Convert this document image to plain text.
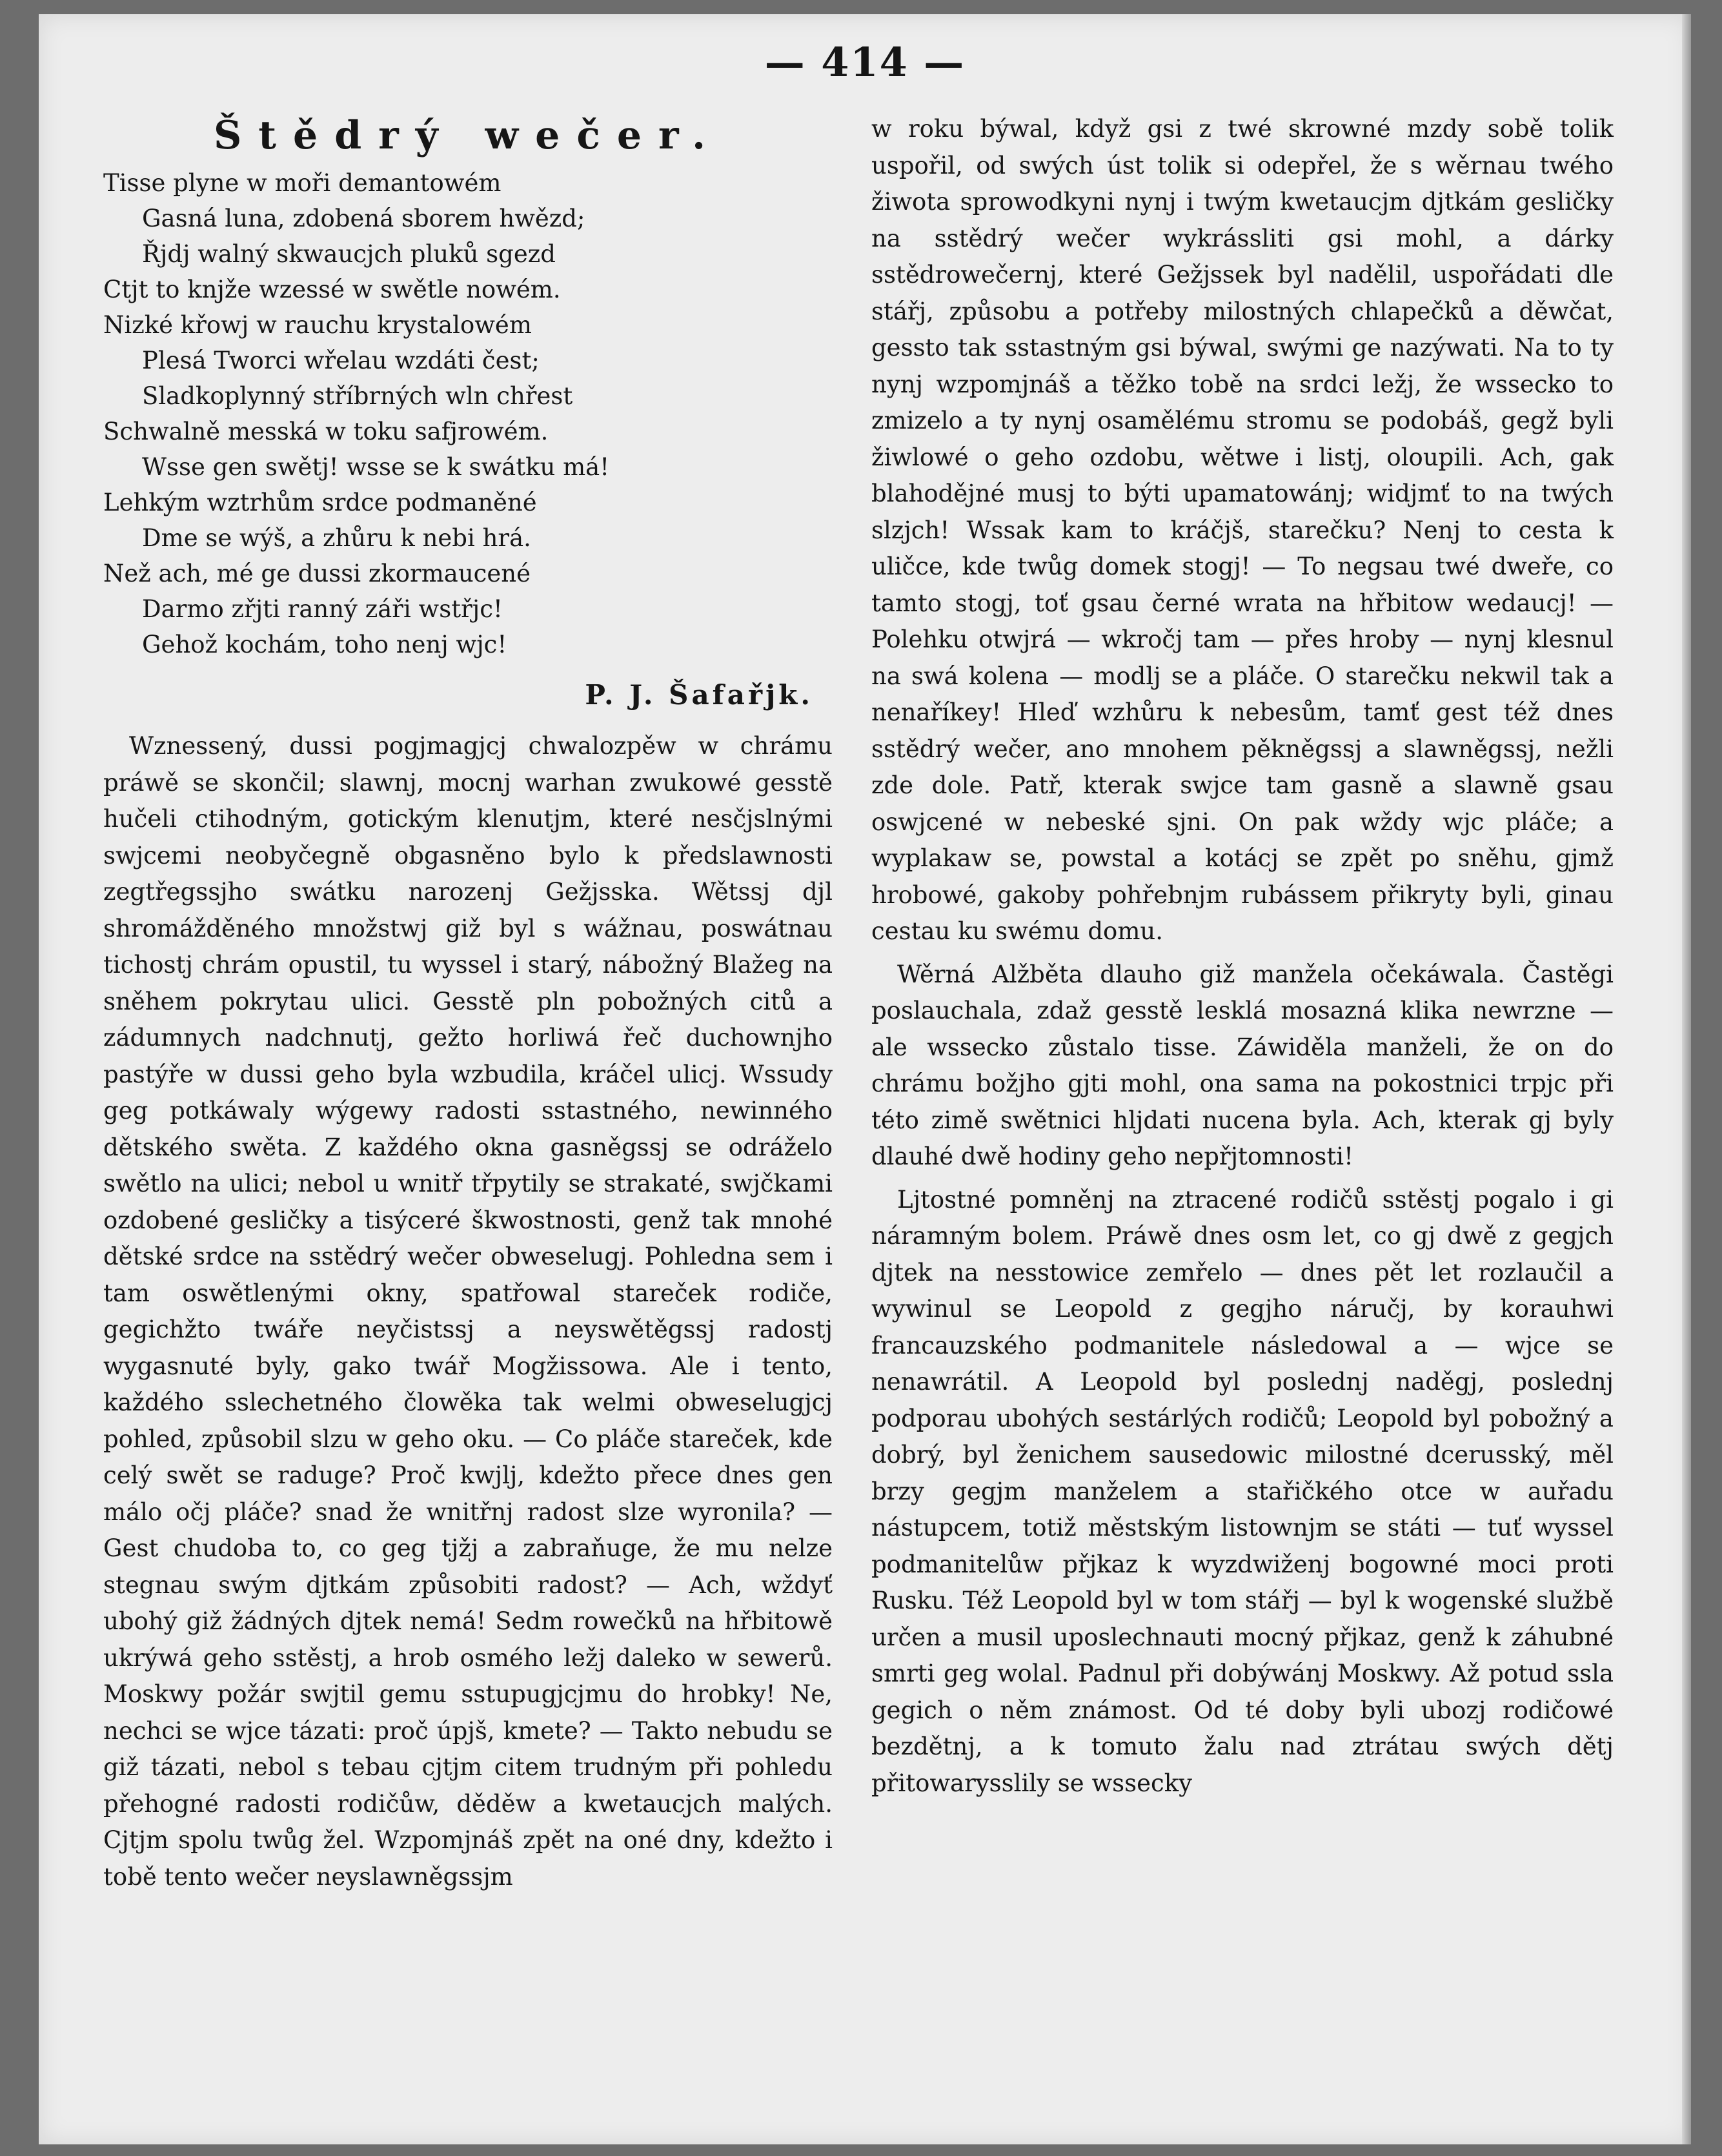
— 414 —
Štědrý wečer.
Tisse plyne w moři demantowém
Gasná luna, zdobená sborem hwězd;
Řjdj walný skwaucjch pluků sgezd
Ctjt to knjže wzessé w swětle nowém.
Nizké křowj w rauchu krystalowém
Plesá Tworci wřelau wzdáti čest;
Sladkoplynný stříbrných wln chřest
Schwalně messká w toku safjrowém.
Wsse gen swětj! wsse se k swátku má!
Lehkým wztrhům srdce podmaněné
Dme se wýš, a zhůru k nebi hrá.
Než ach, mé ge dussi zkormaucené
Darmo zřjti ranný záři wstřjc!
Gehož kochám, toho nenj wjc!
P. J. Šafařjk.

Wznessený, dussi pogjmagjcj chwalozpěw w chrámu práwě se skončil; slawnj, mocnj warhan zwukowé gesstě hučeli ctihodným, gotickým klenutjm, které nesčjslnými swjcemi neobyčegně obgasněno bylo k předslawnosti zegtřegssjho swátku narozenj Gežjsska. Wětssj djl shromážděného množstwj giž byl s wážnau, poswátnau tichostj chrám opustil, tu wyssel i starý, nábožný Blažeg na sněhem pokrytau ulici. Gesstě pln pobožných citů a zádumnych nadchnutj, gežto horliwá řeč duchownjho pastýře w dussi geho byla wzbudila, kráčel ulicj. Wssudy geg potkáwaly wýgewy radosti sstastného, newinného dětského swěta. Z každého okna gasněgssj se odráželo swětlo na ulici; nebol u wnitř třpytily se strakaté, swjčkami ozdobené gesličky a tisýceré škwostnosti, genž tak mnohé dětské srdce na sstědrý wečer obweselugj. Pohledna sem i tam oswětlenými okny, spatřowal stareček rodiče, gegichžto twáře neyčistssj a neyswětěgssj radostj wygasnuté byly, gako twář Mogžissowa. Ale i tento, každého sslechetného člowěka tak welmi obweselugjcj pohled, způsobil slzu w geho oku. — Co pláče stareček, kde celý swět se raduge? Proč kwjlj, kdežto přece dnes gen málo očj pláče? snad že wnitřnj radost slze wyronila? — Gest chudoba to, co geg tjžj a zabraňuge, že mu nelze stegnau swým djtkám způsobiti radost? — Ach, wždyť ubohý giž žádných djtek nemá! Sedm rowečků na hřbitowě ukrýwá geho sstěstj, a hrob osmého ležj daleko w sewerů. Moskwy požár swjtil gemu sstupugjcjmu do hrobky! Ne, nechci se wjce tázati: proč úpjš, kmete? — Takto nebudu se giž tázati, nebol s tebau cjtjm citem trudným při pohledu přehogné radosti rodičůw, děděw a kwetaucjch malých. Cjtjm spolu twůg žel. Wzpomjnáš zpět na oné dny, kdežto i tobě tento wečer neyslawněgssjm

w roku býwal, když gsi z twé skrowné mzdy sobě tolik uspořil, od swých úst tolik si odepřel, že s wěrnau twého žiwota sprowodkyni nynj i twým kwetaucjm djtkám gesličky na sstědrý wečer wykrássliti gsi mohl, a dárky sstědrowečernj, které Gežjssek byl nadělil, uspořádati dle stářj, způsobu a potřeby milostných chlapečků a děwčat, gessto tak sstastným gsi býwal, swými ge nazýwati. Na to ty nynj wzpomjnáš a těžko tobě na srdci ležj, že wssecko to zmizelo a ty nynj osamělému stromu se podobáš, gegž byli žiwlowé o geho ozdobu, wětwe i listj, oloupili. Ach, gak blahodějné musj to býti upamatowánj; widjmť to na twých slzjch! Wssak kam to kráčjš, starečku? Nenj to cesta k uličce, kde twůg domek stogj! — To negsau twé dweře, co tamto stogj, toť gsau černé wrata na hřbitow wedaucj! — Polehku otwjrá — wkročj tam — přes hroby — nynj klesnul na swá kolena — modlj se a pláče. O starečku nekwil tak a nenaříkey! Hleď wzhůru k nebesům, tamť gest též dnes sstědrý wečer, ano mnohem pěkněgssj a slawněgssj, nežli zde dole. Patř, kterak swjce tam gasně a slawně gsau oswjcené w nebeské sjni. On pak wždy wjc pláče; a wyplakaw se, powstal a kotácj se zpět po sněhu, gjmž hrobowé, gakoby pohřebnjm rubássem přikryty byli, ginau cestau ku swému domu.

Wěrná Alžběta dlauho giž manžela očekáwala. Častěgi poslauchala, zdaž gesstě lesklá mosazná klika newrzne — ale wssecko zůstalo tisse. Záwiděla manželi, že on do chrámu božjho gjti mohl, ona sama na pokostnici trpjc při této zimě swětnici hljdati nucena byla. Ach, kterak gj byly dlauhé dwě hodiny geho nepřjtomnosti!

Ljtostné pomněnj na ztracené rodičů sstěstj pogalo i gi náramným bolem. Práwě dnes osm let, co gj dwě z gegjch djtek na nesstowice zemřelo — dnes pět let rozlaučil a wywinul se Leopold z gegjho náručj, by korauhwi francauzského podmanitele následowal a — wjce se nenawrátil. A Leopold byl poslednj naděgj, poslednj podporau ubohých sestárlých rodičů; Leopold byl pobožný a dobrý, byl ženichem sausedowic milostné dcerusský, měl brzy gegjm manželem a stařičkého otce w auřadu nástupcem, totiž městským listownjm se státi — tuť wyssel podmanitelůw přjkaz k wyzdwiženj bogowné moci proti Rusku. Též Leopold byl w tom stářj — byl k wogenské službě určen a musil uposlechnauti mocný přjkaz, genž k záhubné smrti geg wolal. Padnul při dobýwánj Moskwy. Až potud ssla gegich o něm známost. Od té doby byli ubozj rodičowé bezdětnj, a k tomuto žalu nad ztrátau swých dětj přitowarysslily se wssecky
